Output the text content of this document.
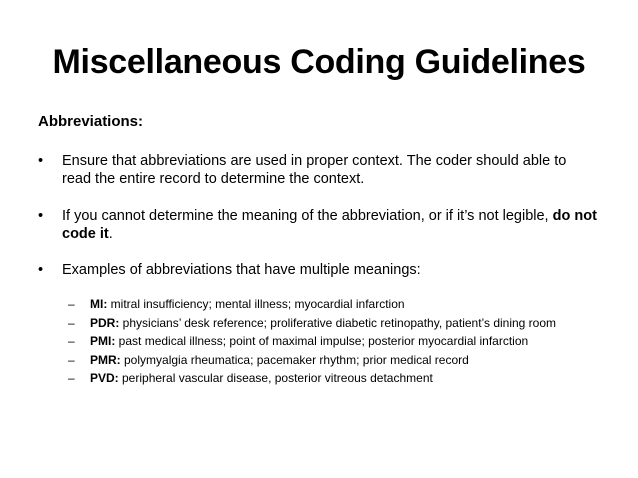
Miscellaneous Coding Guidelines
Abbreviations:
•	Ensure that abbreviations are used in proper context. The coder should able to read the entire record to determine the context.
•	If you cannot determine the meaning of the abbreviation, or if it’s not legible, do not code it.
•	Examples of abbreviations that have multiple meanings:
– MI: mitral insufficiency; mental illness; myocardial infarction
– PDR: physicians’ desk reference; proliferative diabetic retinopathy, patient’s dining room
– PMI: past medical illness; point of maximal impulse; posterior myocardial infarction
– PMR: polymyalgia rheumatica; pacemaker rhythm; prior medical record
– PVD: peripheral vascular disease, posterior vitreous detachment
